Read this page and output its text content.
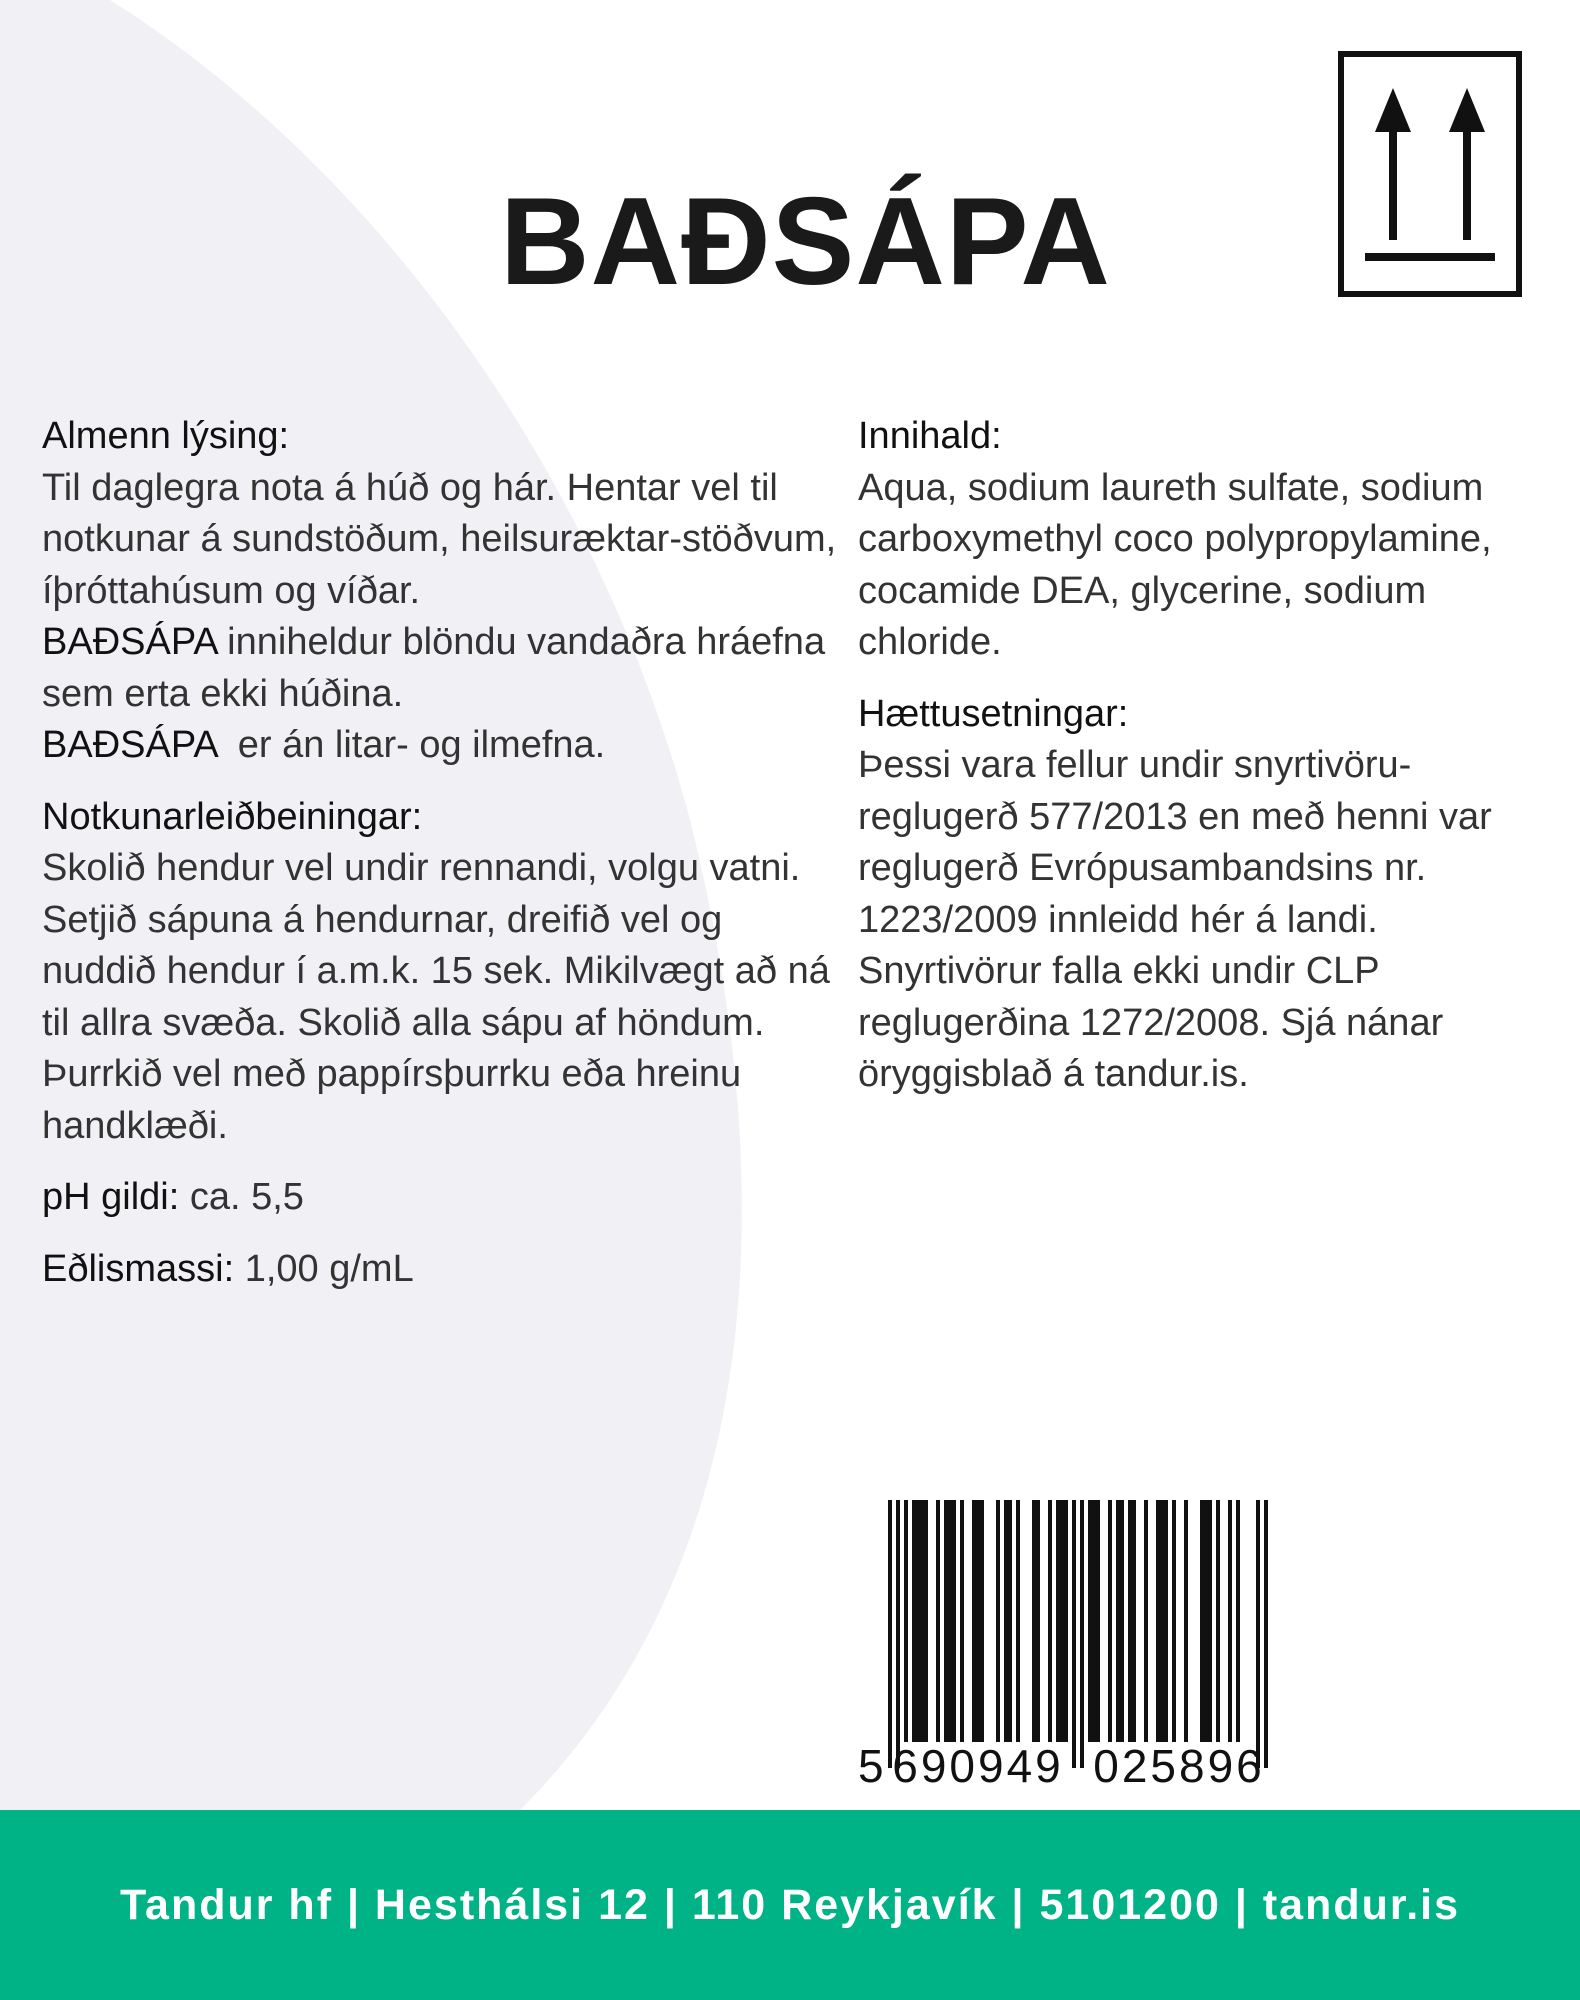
BAÐSÁPA
Almenn lýsing:
Til daglegra nota á húð og hár. Hentar vel til notkunar á sundstöðum, heilsuræktar-stöðvum, íþróttahúsum og víðar.
BAÐSÁPA inniheldur blöndu vandaðra hráefna sem erta ekki húðina.
BAÐSÁPA  er án litar- og ilmefna.
Notkunarleiðbeiningar:
Skolið hendur vel undir rennandi, volgu vatni. Setjið sápuna á hendurnar, dreifið vel og nuddið hendur í a.m.k. 15 sek. Mikilvægt að ná til allra svæða. Skolið alla sápu af höndum. Þurrkið vel með pappírsþurrku eða hreinu handklæði.
pH gildi: ca. 5,5
Eðlismassi: 1,00 g/mL
Innihald:
Aqua, sodium laureth sulfate, sodium carboxymethyl coco polypropylamine, cocamide DEA, glycerine, sodium chloride.
Hættusetningar:
Þessi vara fellur undir snyrtivöru-reglugerð 577/2013 en með henni var reglugerð Evrópusambandsins nr. 1223/2009 innleidd hér á landi. Snyrtivörur falla ekki undir CLP reglugerðina 1272/2008. Sjá nánar öryggisblað á tandur.is.
5 690949 025896
Tandur hf | Hesthálsi 12 | 110 Reykjavík | 5101200 | tandur.is
